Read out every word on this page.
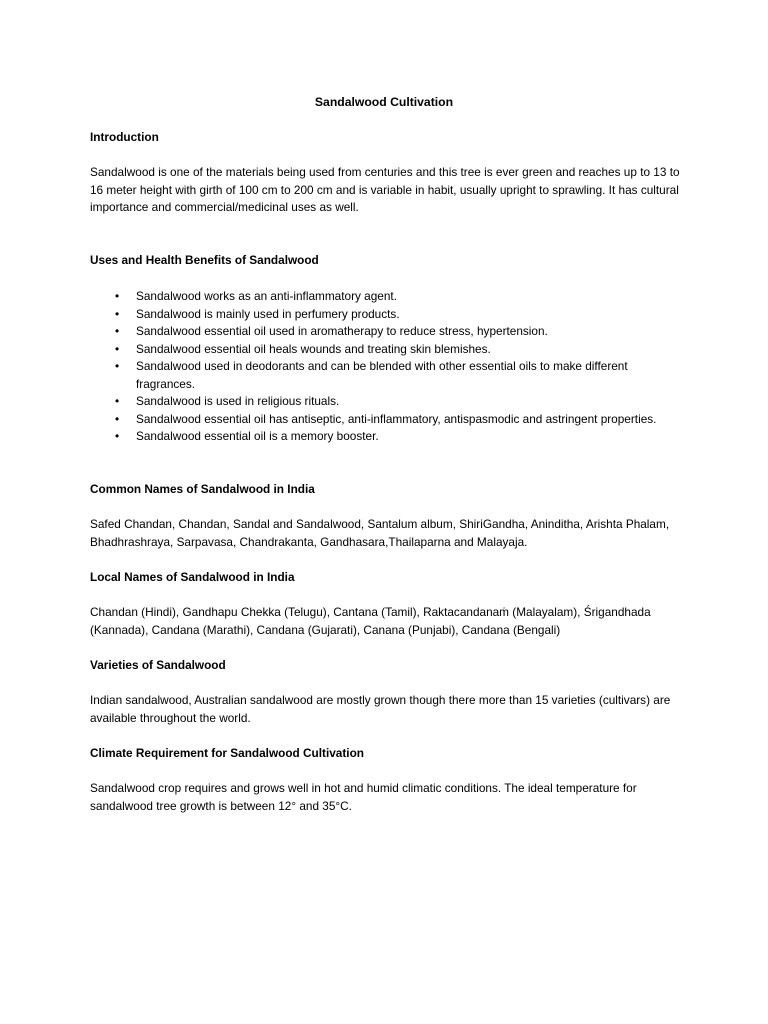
Sandalwood Cultivation
Introduction

Sandalwood is one of the materials being used from centuries and this tree is ever green and reaches up to 13 to 16 meter height with girth of 100 cm to 200 cm and is variable in habit, usually upright to sprawling. It has cultural importance and commercial/medicinal uses as well.

Uses and Health Benefits of Sandalwood
• Sandalwood works as an anti-inflammatory agent.
• Sandalwood is mainly used in perfumery products.
• Sandalwood essential oil used in aromatherapy to reduce stress, hypertension.
• Sandalwood essential oil heals wounds and treating skin blemishes.
• Sandalwood used in deodorants and can be blended with other essential oils to make different fragrances.
• Sandalwood is used in religious rituals.
• Sandalwood essential oil has antiseptic, anti-inflammatory, antispasmodic and astringent properties.
• Sandalwood essential oil is a memory booster.
Common Names of Sandalwood in India

Safed Chandan, Chandan, Sandal and Sandalwood, Santalum album, ShiriGandha, Aninditha, Arishta Phalam, Bhadhrashraya, Sarpavasa, Chandrakanta, Gandhasara,Thailaparna and Malayaja.

Local Names of Sandalwood in India

Chandan (Hindi), Gandhapu Chekka (Telugu), Cantana (Tamil), Raktacandanaṁ (Malayalam), Śrigandhada (Kannada), Candana (Marathi), Candana (Gujarati), Canana (Punjabi), Candana (Bengali)

Varieties of Sandalwood

Indian sandalwood, Australian sandalwood are mostly grown though there more than 15 varieties (cultivars) are available throughout the world.

Climate Requirement for Sandalwood Cultivation

Sandalwood crop requires and grows well in hot and humid climatic conditions. The ideal temperature for sandalwood tree growth is between 12° and 35°C.
